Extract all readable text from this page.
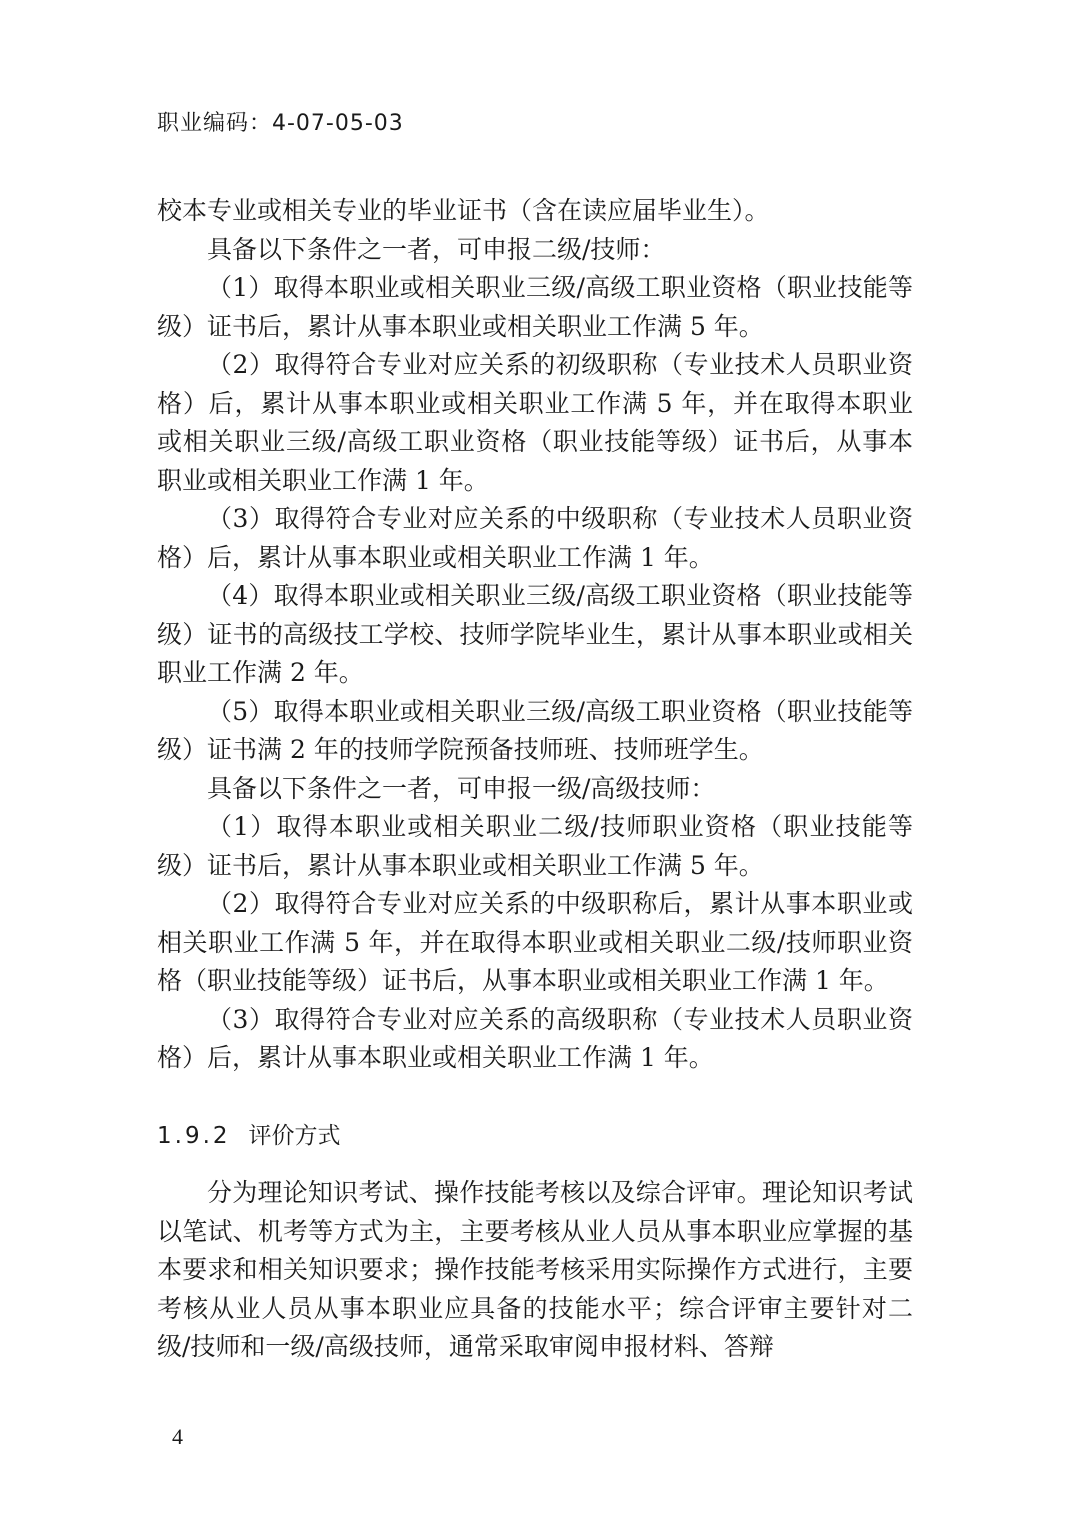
职业编码：4-07-05-03

校本专业或相关专业的毕业证书（含在读应届毕业生）。

具备以下条件之一者，可申报二级/技师：

（1）取得本职业或相关职业三级/高级工职业资格（职业技能等级）证书后，累计从事本职业或相关职业工作满 5 年。

（2）取得符合专业对应关系的初级职称（专业技术人员职业资格）后，累计从事本职业或相关职业工作满 5 年，并在取得本职业或相关职业三级/高级工职业资格（职业技能等级）证书后，从事本职业或相关职业工作满 1 年。

（3）取得符合专业对应关系的中级职称（专业技术人员职业资格）后，累计从事本职业或相关职业工作满 1 年。

（4）取得本职业或相关职业三级/高级工职业资格（职业技能等级）证书的高级技工学校、技师学院毕业生，累计从事本职业或相关职业工作满 2 年。

（5）取得本职业或相关职业三级/高级工职业资格（职业技能等级）证书满 2 年的技师学院预备技师班、技师班学生。

具备以下条件之一者，可申报一级/高级技师：

（1）取得本职业或相关职业二级/技师职业资格（职业技能等级）证书后，累计从事本职业或相关职业工作满 5 年。

（2）取得符合专业对应关系的中级职称后，累计从事本职业或相关职业工作满 5 年，并在取得本职业或相关职业二级/技师职业资格（职业技能等级）证书后，从事本职业或相关职业工作满 1 年。

（3）取得符合专业对应关系的高级职称（专业技术人员职业资格）后，累计从事本职业或相关职业工作满 1 年。

1.9.2 评价方式

分为理论知识考试、操作技能考核以及综合评审。理论知识考试以笔试、机考等方式为主，主要考核从业人员从事本职业应掌握的基本要求和相关知识要求；操作技能考核采用实际操作方式进行，主要考核从业人员从事本职业应具备的技能水平；综合评审主要针对二级/技师和一级/高级技师，通常采取审阅申报材料、答辩

4
